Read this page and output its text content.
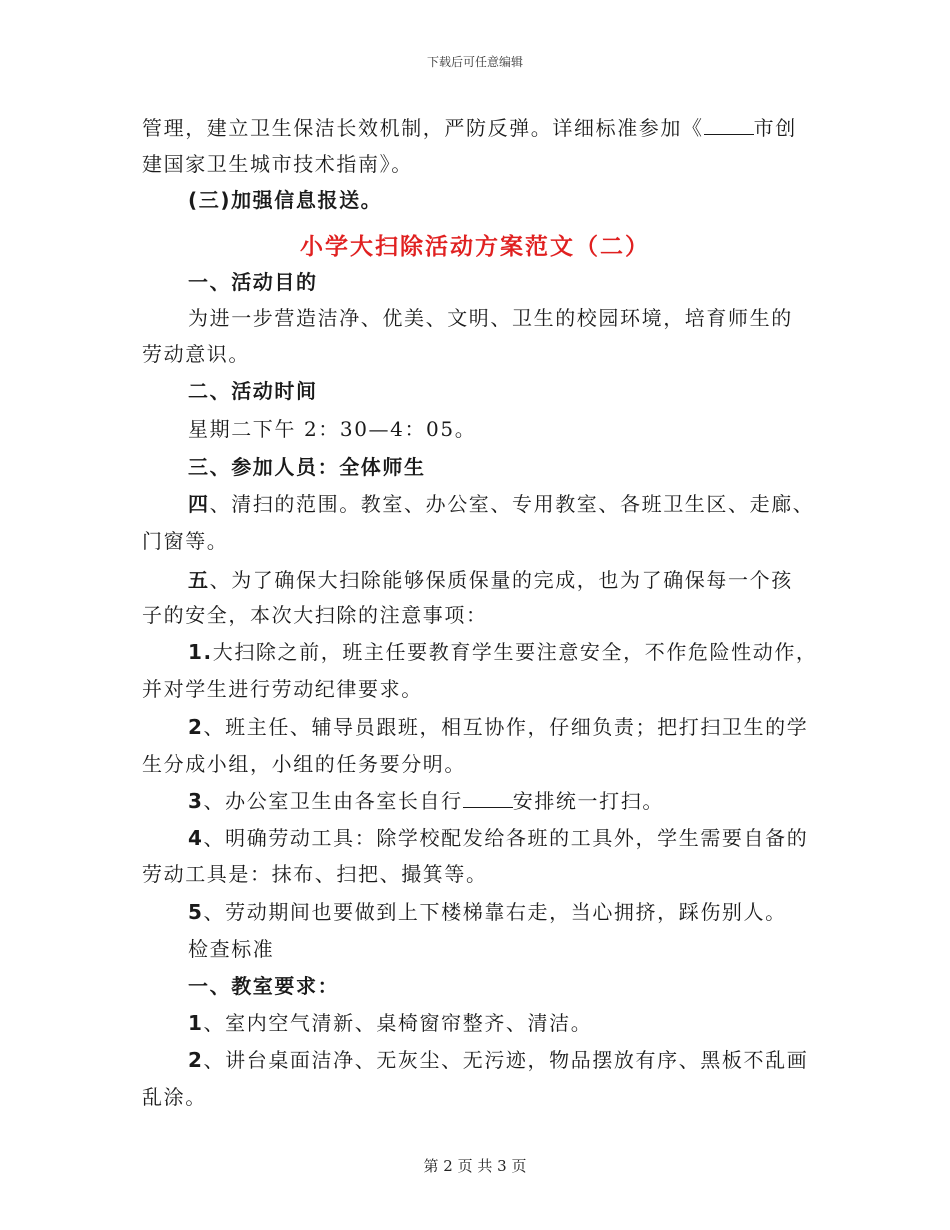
下载后可任意编辑
管理，建立卫生保洁长效机制，严防反弹。详细标准参加《	市创
建国家卫生城市技术指南》。
(三)加强信息报送。
小学大扫除活动方案范文（二）
一、活动目的
为进一步营造洁净、优美、文明、卫生的校园环境，培育师生的
劳动意识。
二、活动时间
星期二下午 2：30—4：05。
三、参加人员：全体师生
四、清扫的范围。教室、办公室、专用教室、各班卫生区、走廊、
门窗等。
五、为了确保大扫除能够保质保量的完成，也为了确保每一个孩
子的安全，本次大扫除的注意事项：
1.大扫除之前，班主任要教育学生要注意安全，不作危险性动作，
并对学生进行劳动纪律要求。
2、班主任、辅导员跟班，相互协作，仔细负责；把打扫卫生的学
生分成小组，小组的任务要分明。
3、办公室卫生由各室长自行	安排统一打扫。
4、明确劳动工具：除学校配发给各班的工具外，学生需要自备的
劳动工具是：抹布、扫把、撮箕等。
5、劳动期间也要做到上下楼梯靠右走，当心拥挤，踩伤别人。
检查标准
一、教室要求：
1、室内空气清新、桌椅窗帘整齐、清洁。
2、讲台桌面洁净、无灰尘、无污迹，物品摆放有序、黑板不乱画
乱涂。
第 2 页 共 3 页
